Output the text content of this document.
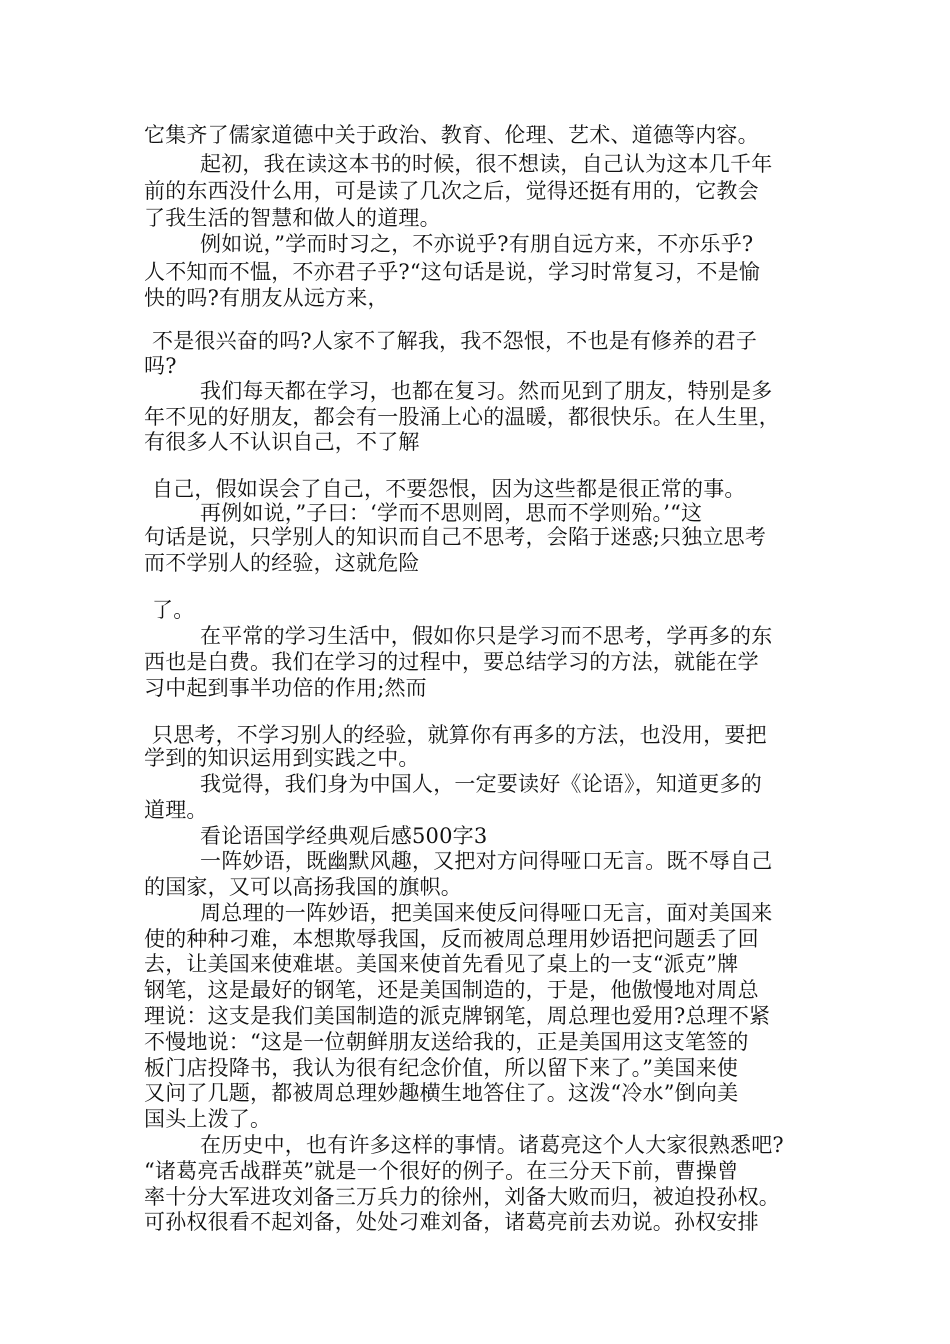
它集齐了儒家道德中关于政治、教育、伦理、艺术、道德等内容。
起初，我在读这本书的时候，很不想读，自己认为这本几千年
前的东西没什么用，可是读了几次之后，觉得还挺有用的，它教会
了我生活的智慧和做人的道理。
例如说，”学而时习之，不亦说乎?有朋自远方来，不亦乐乎?
人不知而不愠，不亦君子乎?“这句话是说，学习时常复习，不是愉
快的吗?有朋友从远方来，
不是很兴奋的吗?人家不了解我，我不怨恨，不也是有修养的君子
吗?
我们每天都在学习，也都在复习。然而见到了朋友，特别是多
年不见的好朋友，都会有一股涌上心的温暖，都很快乐。在人生里，
有很多人不认识自己，不了解
自己，假如误会了自己，不要怨恨，因为这些都是很正常的事。
再例如说，”子曰：‘学而不思则罔，思而不学则殆。’“这
句话是说，只学别人的知识而自己不思考，会陷于迷惑;只独立思考
而不学别人的经验，这就危险
了。
在平常的学习生活中，假如你只是学习而不思考，学再多的东
西也是白费。我们在学习的过程中，要总结学习的方法，就能在学
习中起到事半功倍的作用;然而
只思考，不学习别人的经验，就算你有再多的方法，也没用，要把
学到的知识运用到实践之中。
我觉得，我们身为中国人，一定要读好《论语》，知道更多的
道理。
看论语国学经典观后感500字3
一阵妙语，既幽默风趣，又把对方问得哑口无言。既不辱自己
的国家，又可以高扬我国的旗帜。
周总理的一阵妙语，把美国来使反问得哑口无言，面对美国来
使的种种刁难，本想欺辱我国，反而被周总理用妙语把问题丢了回
去，让美国来使难堪。美国来使首先看见了桌上的一支“派克”牌
钢笔，这是最好的钢笔，还是美国制造的，于是，他傲慢地对周总
理说：这支是我们美国制造的派克牌钢笔，周总理也爱用?总理不紧
不慢地说：“这是一位朝鲜朋友送给我的，正是美国用这支笔签的
板门店投降书，我认为很有纪念价值，所以留下来了。”美国来使
又问了几题，都被周总理妙趣横生地答住了。这泼“冷水”倒向美
国头上泼了。
在历史中，也有许多这样的事情。诸葛亮这个人大家很熟悉吧?
“诸葛亮舌战群英”就是一个很好的例子。在三分天下前，曹操曾
率十分大军进攻刘备三万兵力的徐州，刘备大败而归，被迫投孙权。
可孙权很看不起刘备，处处刁难刘备，诸葛亮前去劝说。孙权安排
